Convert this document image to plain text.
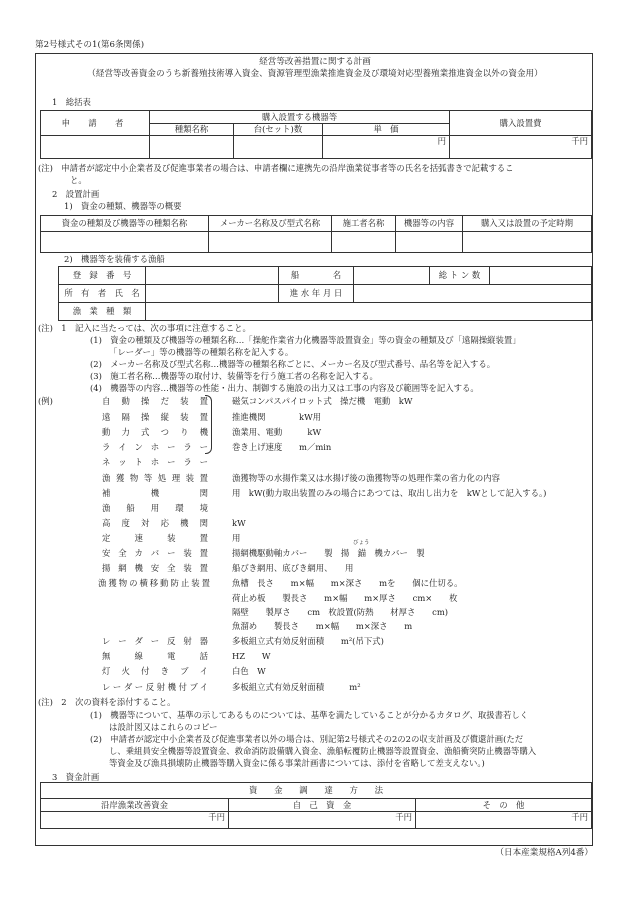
第2号様式その1(第6条関係)
経営等改善措置に関する計画
（経営等改善資金のうち新養殖技術導入資金、資源管理型漁業推進資金及び環境対応型養殖業推進資金以外の資金用）
1　総括表
申　請　者	購入設置する機器等			購入設置費
	種類名称	台(セット)数	単　価	
			円	千円
(注)　申請者が認定中小企業者及び促進事業者の場合は、申請者欄に連携先の沿岸漁業従事者等の氏名を括弧書きで記載するこ
と。
2　設置計画
1)　資金の種類、機器等の概要
資金の種類及び機器等の種類名称	メーカー名称及び型式名称	施工者名称	機器等の内容	購入又は設置の予定時期

2)　機器等を装備する漁船
登　録　番　号		船　　　　名		総 ト ン 数	
所　有　者　氏　名		進 水 年 月 日			
漁　業　種　類					
(注)　1　記入に当たっては、次の事項に注意すること。
(1)　資金の種類及び機器等の種類名称…「操舵作業省力化機器等設置資金」等の資金の種類及び「遠隔操縦装置」
「レーダー」等の機器等の種類名称を記入する。
(2)　メーカー名称及び型式名称…機器等の種類名称ごとに、メーカー名及び型式番号、品名等を記入する。
(3)　施工者名称…機器等の取付け、装備等を行う施工者の名称を記入する。
(4)　機器等の内容…機器等の性能・出力、制御する施設の出力又は工事の内容及び範囲等を記入する。
(例)	自 動 操 だ 装 置	磁気コンパスパイロット式　操だ機　電動　kW
遠 隔 操 縦 装 置	推進機関　　　　kW用
動 力 式 つ り 機	漁業用、電動　　　kW
ラ イ ン ホ ー ラ ー	巻き上げ速度　　m／min
ネ ッ ト ホ ー ラ ー
漁 獲 物 等 処 理 装 置	漁獲物等の水揚作業又は水揚げ後の漁獲物等の処理作業の省力化の内容
補　　機　　関	用　kW(動力取出装置のみの場合にあつては、取出し出力を　kWとして記入する。)
漁 船 用 環 境
高 度 対 応 機 関	kW
定　　速　　装　　置	用	びょう
安 全 カ バ ー 装 置	揚網機駆動軸カバー　　製　揚　錨　機カバー　製
揚 網 機 安 全 装 置	船びき網用、底びき網用、　　用
漁獲物の横移動防止装置	魚槽　長さ　　m×幅　　m×深さ　　mを　　個に仕切る。
荷止め板　　製長さ　　m×幅　　m×厚さ　　cm×　　枚
隔壁　　製厚さ　　cm　枚設置(防熱　　材厚さ　　cm)
魚溜め　　製長さ　　m×幅　　m×深さ　　m
レ ー ダ ー 反 射 器	多板組立式有効反射面積　　m²(吊下式)
無　　線　　電　　話	HZ　　W
灯 火 付 き ブ イ	白色　W
レーダー反射機付ブイ	多板組立式有効反射面積　　　m²
(注)　2　次の資料を添付すること。
(1)　機器等について、基準の示してあるものについては、基準を満たしていることが分かるカタログ、取扱書若しく
は設計図又はこれらのコピー
(2)　申請者が認定中小企業者及び促進事業者以外の場合は、別記第2号様式その2の2の収支計画及び償還計画(ただ
し、乗組員安全機器等設置資金、救命消防設備購入資金、漁船転覆防止機器等設置資金、漁船衝突防止機器等購入
等資金及び漁具損壊防止機器等購入資金に係る事業計画書については、添付を省略して差支えない。)
3　資金計画
資　　金　　調　　達　　方　　法		
沿岸漁業改善資金	自　己　資　金	そ　の　他
千円	千円	千円
（日本産業規格A列4番）
